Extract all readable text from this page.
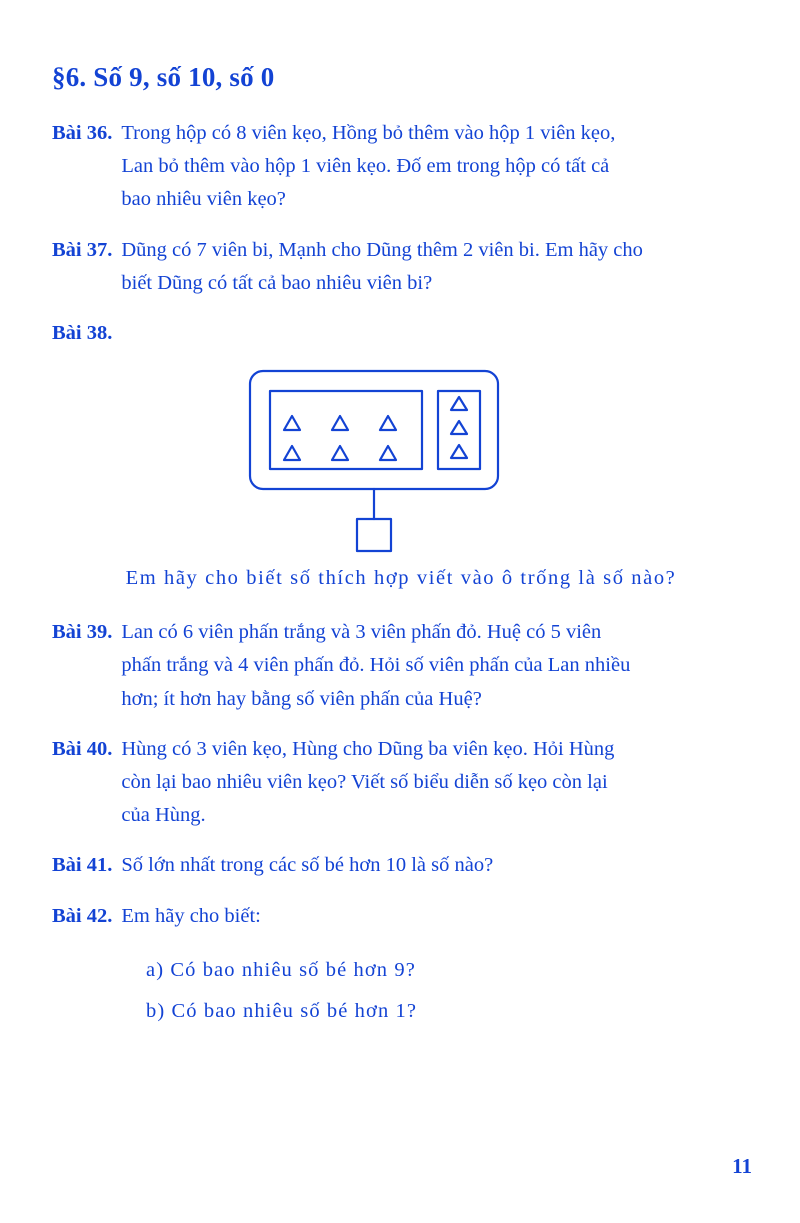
§6. Số 9, số 10, số 0
Bài 36. Trong hộp có 8 viên kẹo, Hồng bỏ thêm vào hộp 1 viên kẹo,
Lan bỏ thêm vào hộp 1 viên kẹo. Đố em trong hộp có tất cả
bao nhiêu viên kẹo?
Bài 37. Dũng có 7 viên bi, Mạnh cho Dũng thêm 2 viên bi. Em hãy cho
biết Dũng có tất cả bao nhiêu viên bi?
Bài 38.
Em hãy cho biết số thích hợp viết vào ô trống là số nào?
Bài 39. Lan có 6 viên phấn trắng và 3 viên phấn đỏ. Huệ có 5 viên
phấn trắng và 4 viên phấn đỏ. Hỏi số viên phấn của Lan nhiều
hơn; ít hơn hay bằng số viên phấn của Huệ?
Bài 40. Hùng có 3 viên kẹo, Hùng cho Dũng ba viên kẹo. Hỏi Hùng
còn lại bao nhiêu viên kẹo? Viết số biểu diễn số kẹo còn lại
của Hùng.
Bài 41. Số lớn nhất trong các số bé hơn 10 là số nào?
Bài 42. Em hãy cho biết:
a) Có bao nhiêu số bé hơn 9?
b) Có bao nhiêu số bé hơn 1?
11
